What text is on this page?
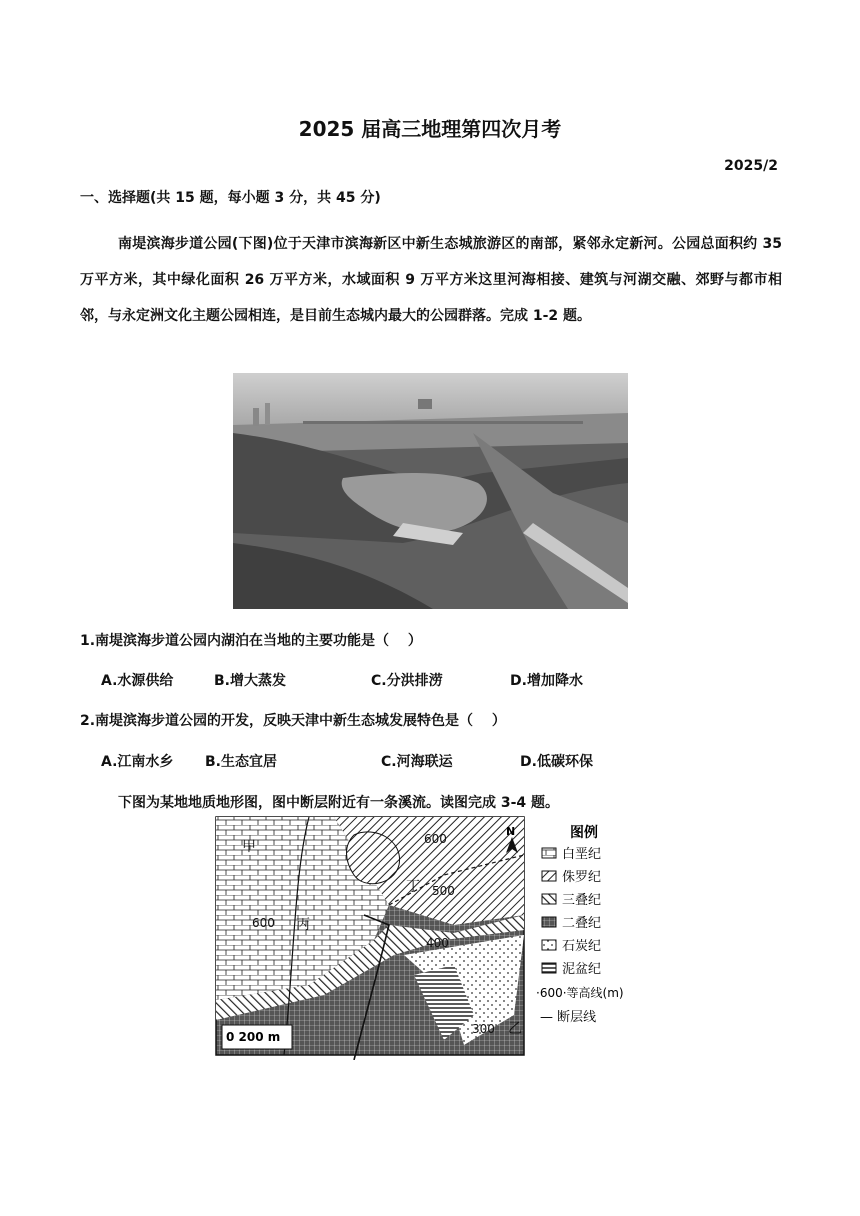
2025 届高三地理第四次月考
2025/2
一、选择题(共 15 题，每小题 3 分，共 45 分)
南堤滨海步道公园(下图)位于天津市滨海新区中新生态城旅游区的南部，紧邻永定新河。公园总面积约 35 万平方米，其中绿化面积 26 万平方米，水域面积 9 万平方米这里河海相接、建筑与河湖交融、郊野与都市相邻，与永定洲文化主题公园相连，是目前生态城内最大的公园群落。完成 1-2 题。
1.南堤滨海步道公园内湖泊在当地的主要功能是（　 ）
A.水源供给	B.增大蒸发	C.分洪排涝	D.增加降水
2.南堤滨海步道公园的开发，反映天津中新生态城发展特色是（　 ）
A.江南水乡 B.生态宜居	C.河海联运	D.低碳环保
下图为某地地质地形图，图中断层附近有一条溪流。读图完成 3-4 题。
甲
丙
丁
乙
600
500
600
400
300
N
0 200 m
图例
白垩纪
侏罗纪
三叠纪
二叠纪
石炭纪
泥盆纪
·600·等高线(m)
— 断层线
